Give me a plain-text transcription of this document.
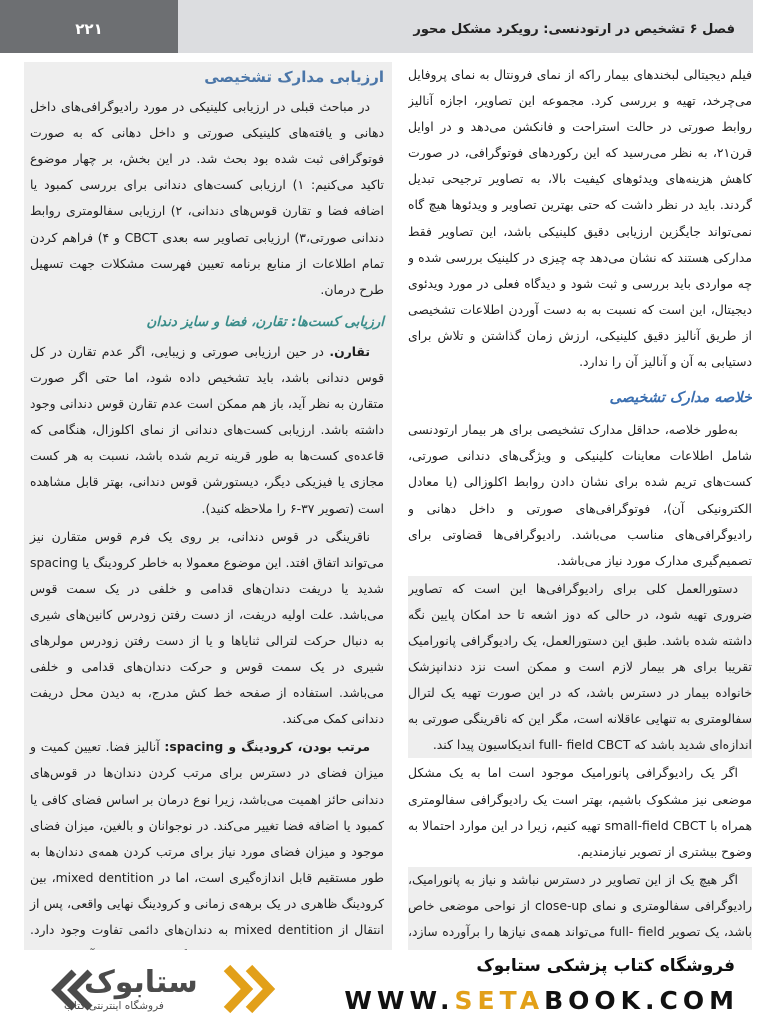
۲۲۱	فصل ۶ تشخیص در ارتودنسی: رویکرد مشکل محور

فیلم دیجیتالی لبخندهای بیمار راکه از نمای فرونتال به نمای پروفایل می‌چرخد، تهیه و بررسی کرد. مجموعه این تصاویر، اجازه آنالیز روابط صورتی در حالت استراحت و فانکشن می‌دهد و در اوایل قرن۲۱، به نظر می‌رسید که این رکوردهای فوتوگرافی، در صورت کاهش هزینه‌های ویدئوهای کیفیت بالا، به تصاویر ترجیحی تبدیل گردند. باید در نظر داشت که حتی بهترین تصاویر و ویدئوها هیچ گاه نمی‌تواند جایگزین ارزیابی دقیق کلینیکی باشد، این تصاویر فقط مدارکی هستند که نشان می‌دهد چه چیزی در کلینیک بررسی شده و چه مواردی باید بررسی و ثبت شود و دیدگاه فعلی در مورد ویدئوی دیجیتال، این است که نسبت به به دست آوردن اطلاعات تشخیصی از طریق آنالیز دقیق کلینیکی، ارزش زمان گذاشتن و تلاش برای دستیابی به آن و آنالیز آن را ندارد.

خلاصه مدارک تشخیصی

به‌طور خلاصه، حداقل مدارک تشخیصی برای هر بیمار ارتودنسی شامل اطلاعات معاینات کلینیکی و ویژگی‌های دندانی صورتی، کست‌های تریم شده برای نشان دادن روابط اکلوزالی (یا معادل الکترونیکی آن)، فوتوگرافی‌های صورتی و داخل دهانی و رادیوگرافی‌های مناسب می‌باشد. رادیوگرافی‌ها قضاوتی برای تصمیم‌گیری مدارک مورد نیاز می‌باشد.

دستورالعمل کلی برای رادیوگرافی‌ها این است که تصاویر ضروری تهیه شود، در حالی که دوز اشعه تا حد امکان پایین نگه داشته شده باشد. طبق این دستورالعمل، یک رادیوگرافی پانورامیک تقریبا برای هر بیمار لازم است و ممکن است نزد دندانپزشک خانواده بیمار در دسترس باشد، که در این صورت تهیه یک لترال سفالومتری به تنهایی عاقلانه است، مگر این که ناقرینگی صورتی به اندازه‌ای شدید باشد که full- field CBCT اندیکاسیون پیدا کند.

اگر یک رادیوگرافی پانورامیک موجود است اما به یک مشکل موضعی نیز مشکوک باشیم، بهتر است یک رادیوگرافی سفالومتری همراه با small-field CBCT تهیه کنیم، زیرا در این موارد احتمالا به وضوح بیشتری از تصویر نیازمندیم.

اگر هیچ یک از این تصاویر در دسترس نباشد و نیاز به پانورامیک، رادیوگرافی سفالومتری و نمای close-up از نواحی موضعی خاص باشد، یک تصویر full- field می‌تواند همه‌ی نیازها را برآورده سازد،

ارزیابی مدارک تشخیصی

در مباحث قبلی در ارزیابی کلینیکی در مورد رادیوگرافی‌های داخل دهانی و یافته‌های کلینیکی صورتی و داخل دهانی که به صورت فوتوگرافی ثبت شده بود بحث شد. در این بخش، بر چهار موضوع تاکید می‌کنیم: ۱) ارزیابی کست‌های دندانی برای بررسی کمبود یا اضافه فضا و تقارن قوس‌های دندانی، ۲) ارزیابی سفالومتری روابط دندانی صورتی،۳) ارزیابی تصاویر سه بعدی CBCT و ۴) فراهم کردن تمام اطلاعات از منابع برنامه تعیین فهرست مشکلات جهت تسهیل طرح درمان.

ارزیابی کست‌ها: تقارن، فضا و سایز دندان

تقارن. در حین ارزیابی صورتی و زیبایی، اگر عدم تقارن در کل قوس دندانی باشد، باید تشخیص داده شود، اما حتی اگر صورت متقارن به نظر آید، باز هم ممکن است عدم تقارن قوس دندانی وجود داشته باشد. ارزیابی کست‌های دندانی از نمای اکلوزال، هنگامی که قاعده‌ی کست‌ها به طور قرینه تریم شده باشد، نسبت به هر کست مجازی یا فیزیکی دیگر، دیستورشن قوس دندانی، بهتر قابل مشاهده است (تصویر ۳۷-۶ را ملاحظه کنید).

ناقرینگی در قوس دندانی، بر روی یک فرم قوس متقارن نیز می‌تواند اتفاق افتد. این موضوع معمولا به خاطر کرودینگ یا spacing شدید یا دریفت دندان‌های قدامی و خلفی در یک سمت قوس می‌باشد. علت اولیه دریفت، از دست رفتن زودرس کانین‌های شیری به دنبال حرکت لترالی ثنایاها و یا از دست رفتن زودرس مولرهای شیری در یک سمت قوس و حرکت دندان‌های قدامی و خلفی می‌باشد. استفاده از صفحه خط کش مدرج، به دیدن محل دریفت دندانی کمک می‌کند.

مرتب بودن، کرودینگ و spacing: آنالیز فضا. تعیین کمیت و میزان فضای در دسترس برای مرتب کردن دندان‌ها در قوس‌های دندانی حائز اهمیت می‌باشد، زیرا نوع درمان بر اساس فضای کافی یا کمبود یا اضافه فضا تغییر می‌کند. در نوجوانان و بالغین، میزان فضای موجود و میزان فضای مورد نیاز برای مرتب کردن همه‌ی دندان‌ها به طور مستقیم قابل اندازه‌گیری است، اما در mixed dentition، بین کرودینگ ظاهری در یک برهه‌ی زمانی و کرودینگ نهایی واقعی، پس از انتقال از mixed dentition به دندان‌های دائمی تفاوت وجود دارد.

ستابوک
فروشگاه اینترنتی کتاب
فروشگاه کتاب پزشکی ستابوک
WWW.SETABOOK.COM
